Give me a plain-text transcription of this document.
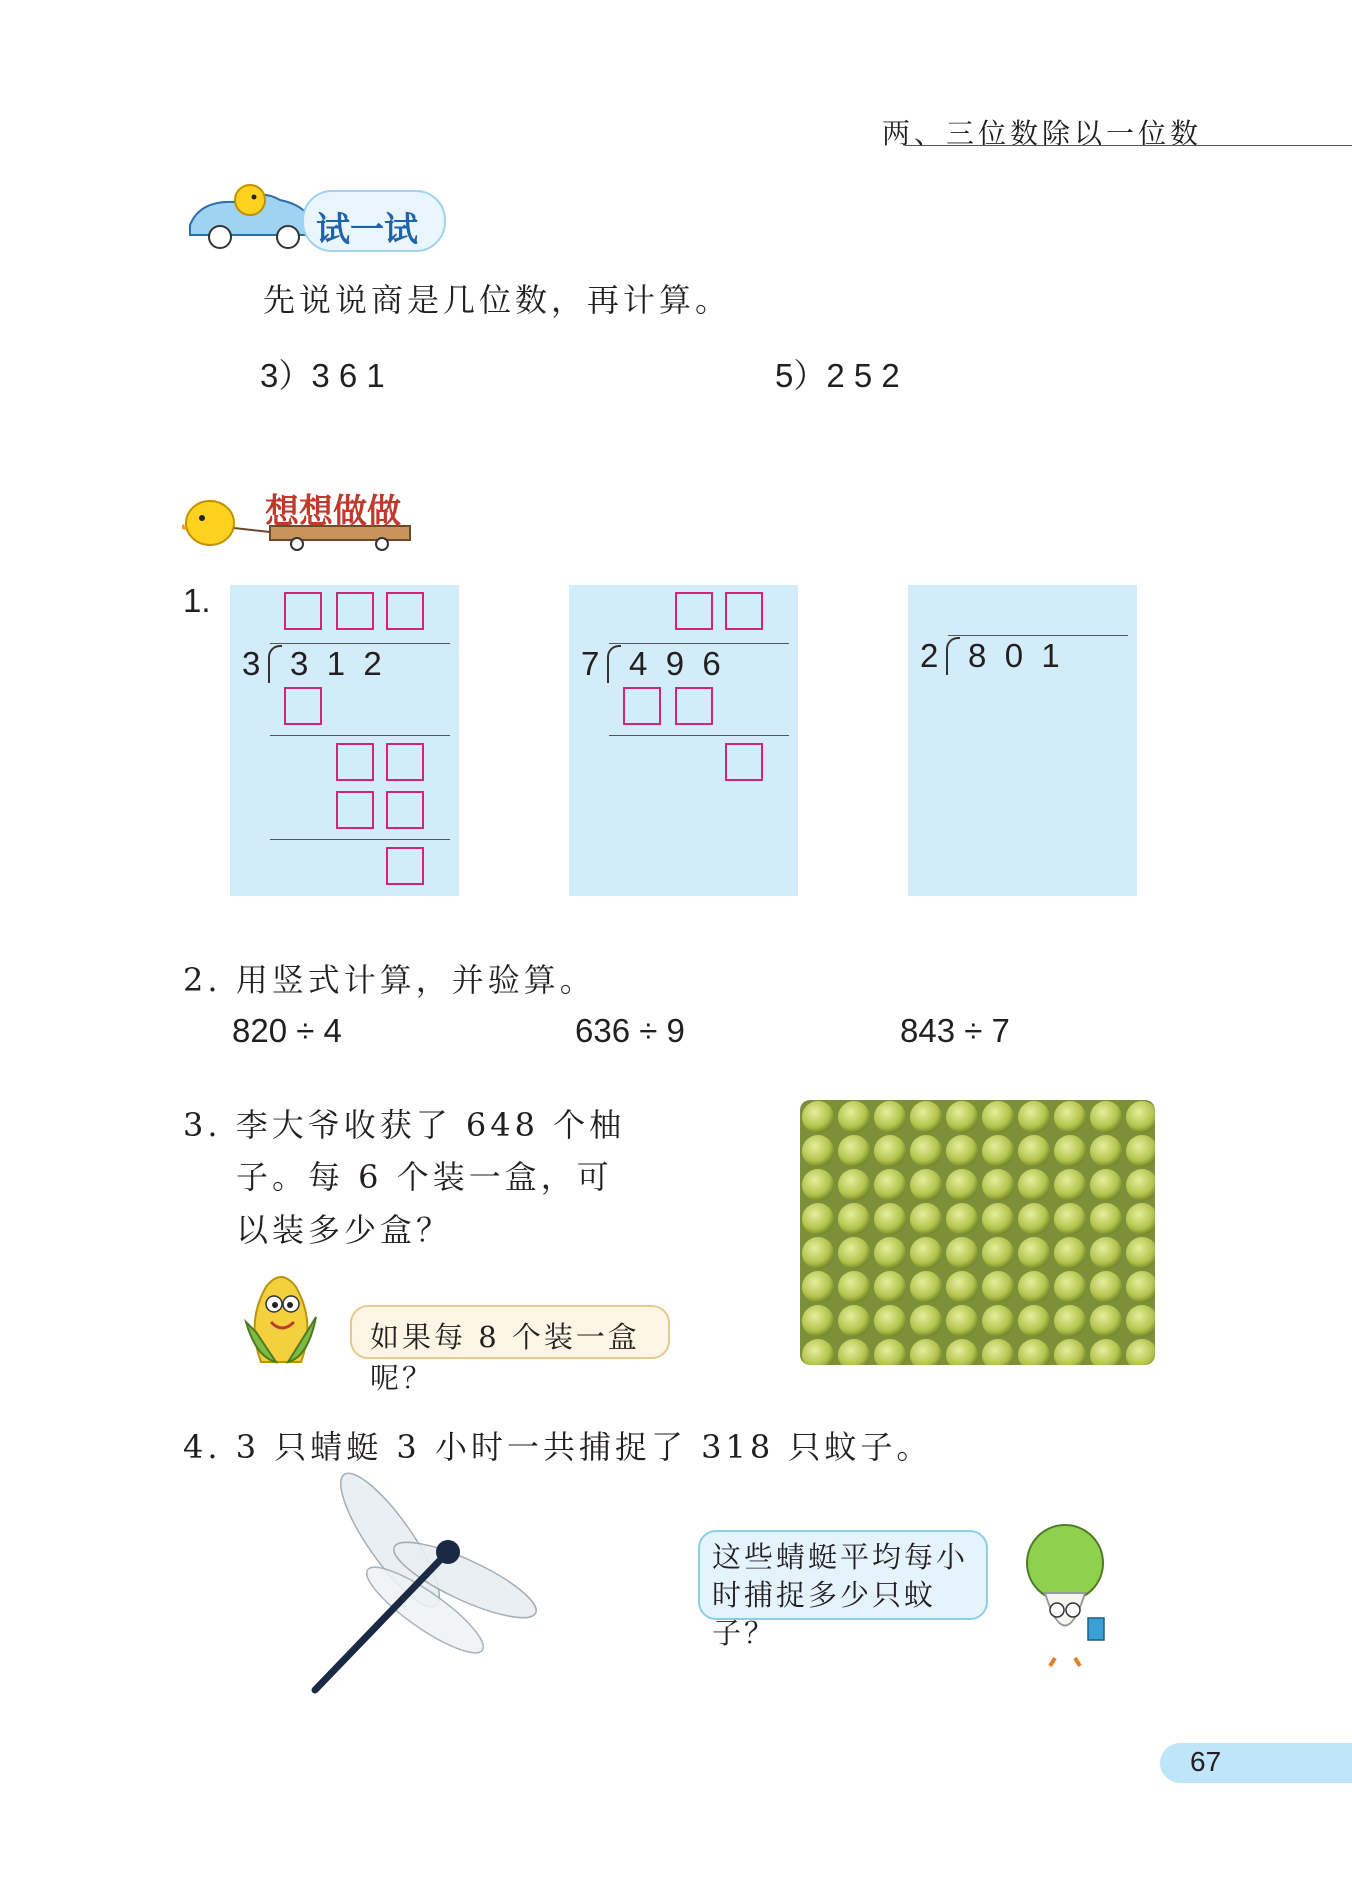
两、三位数除以一位数
试一试
先说说商是几位数，再计算。
3）3 6 1	5）2 5 2
想想做做
1.
3 3  1  2	7 4  9  6	2 8  0  1
2. 用竖式计算，并验算。
820 ÷ 4	636 ÷ 9	843 ÷ 7
3. 李大爷收获了 648 个柚
子。每 6 个装一盒，可
以装多少盒？
如果每 8 个装一盒呢？
4. 3 只蜻蜓 3 小时一共捕捉了 318 只蚊子。
这些蜻蜓平均每小
时捕捉多少只蚊子？
67
